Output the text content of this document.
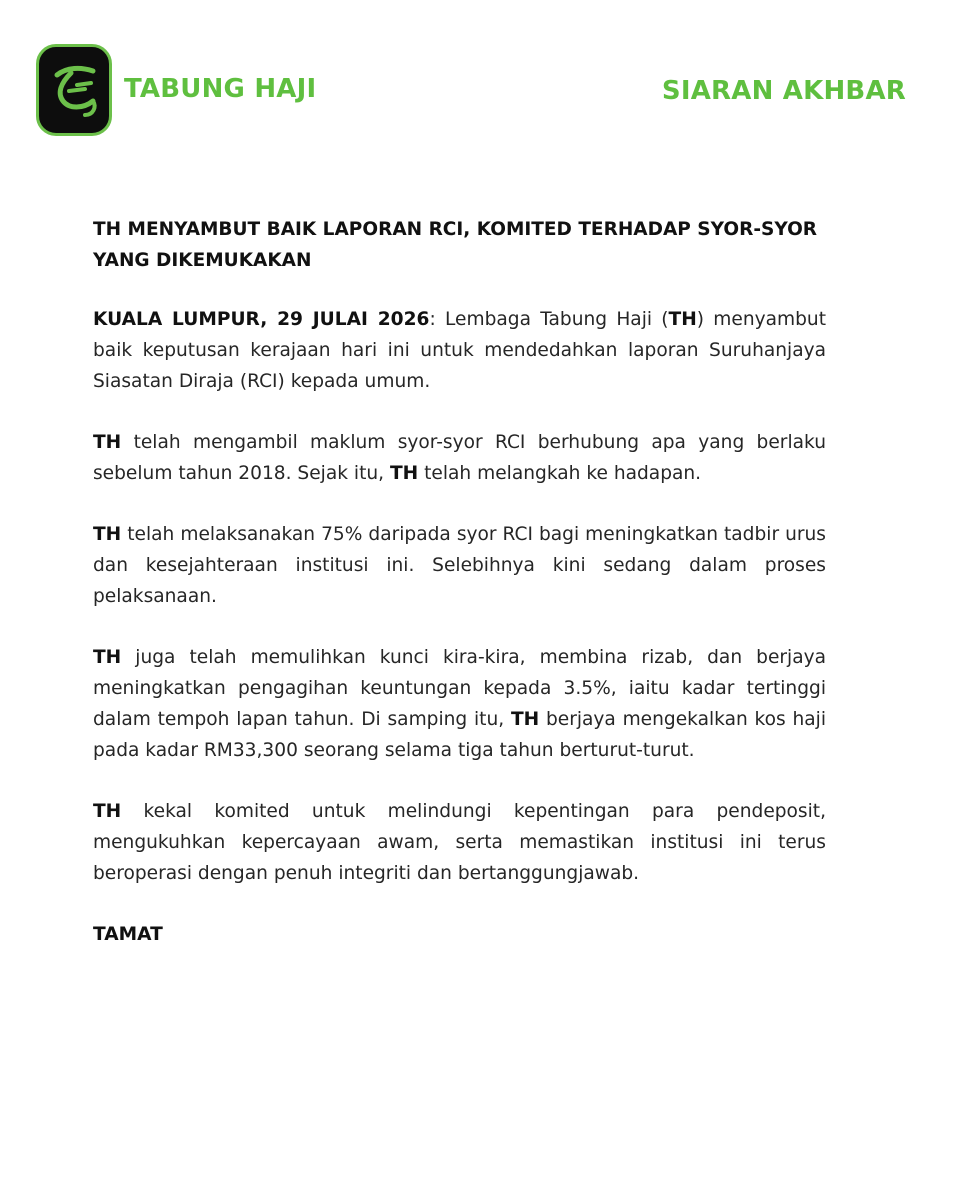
TABUNG HAJI	SIARAN AKHBAR

TH MENYAMBUT BAIK LAPORAN RCI, KOMITED TERHADAP SYOR-SYOR YANG DIKEMUKAKAN

KUALA LUMPUR, 29 JULAI 2026: Lembaga Tabung Haji (TH) menyambut baik keputusan kerajaan hari ini untuk mendedahkan laporan Suruhanjaya Siasatan Diraja (RCI) kepada umum.

TH telah mengambil maklum syor-syor RCI berhubung apa yang berlaku sebelum tahun 2018. Sejak itu, TH telah melangkah ke hadapan.

TH telah melaksanakan 75% daripada syor RCI bagi meningkatkan tadbir urus dan kesejahteraan institusi ini. Selebihnya kini sedang dalam proses pelaksanaan.

TH juga telah memulihkan kunci kira-kira, membina rizab, dan berjaya meningkatkan pengagihan keuntungan kepada 3.5%, iaitu kadar tertinggi dalam tempoh lapan tahun. Di samping itu, TH berjaya mengekalkan kos haji pada kadar RM33,300 seorang selama tiga tahun berturut-turut.

TH kekal komited untuk melindungi kepentingan para pendeposit, mengukuhkan kepercayaan awam, serta memastikan institusi ini terus beroperasi dengan penuh integriti dan bertanggungjawab.

TAMAT
